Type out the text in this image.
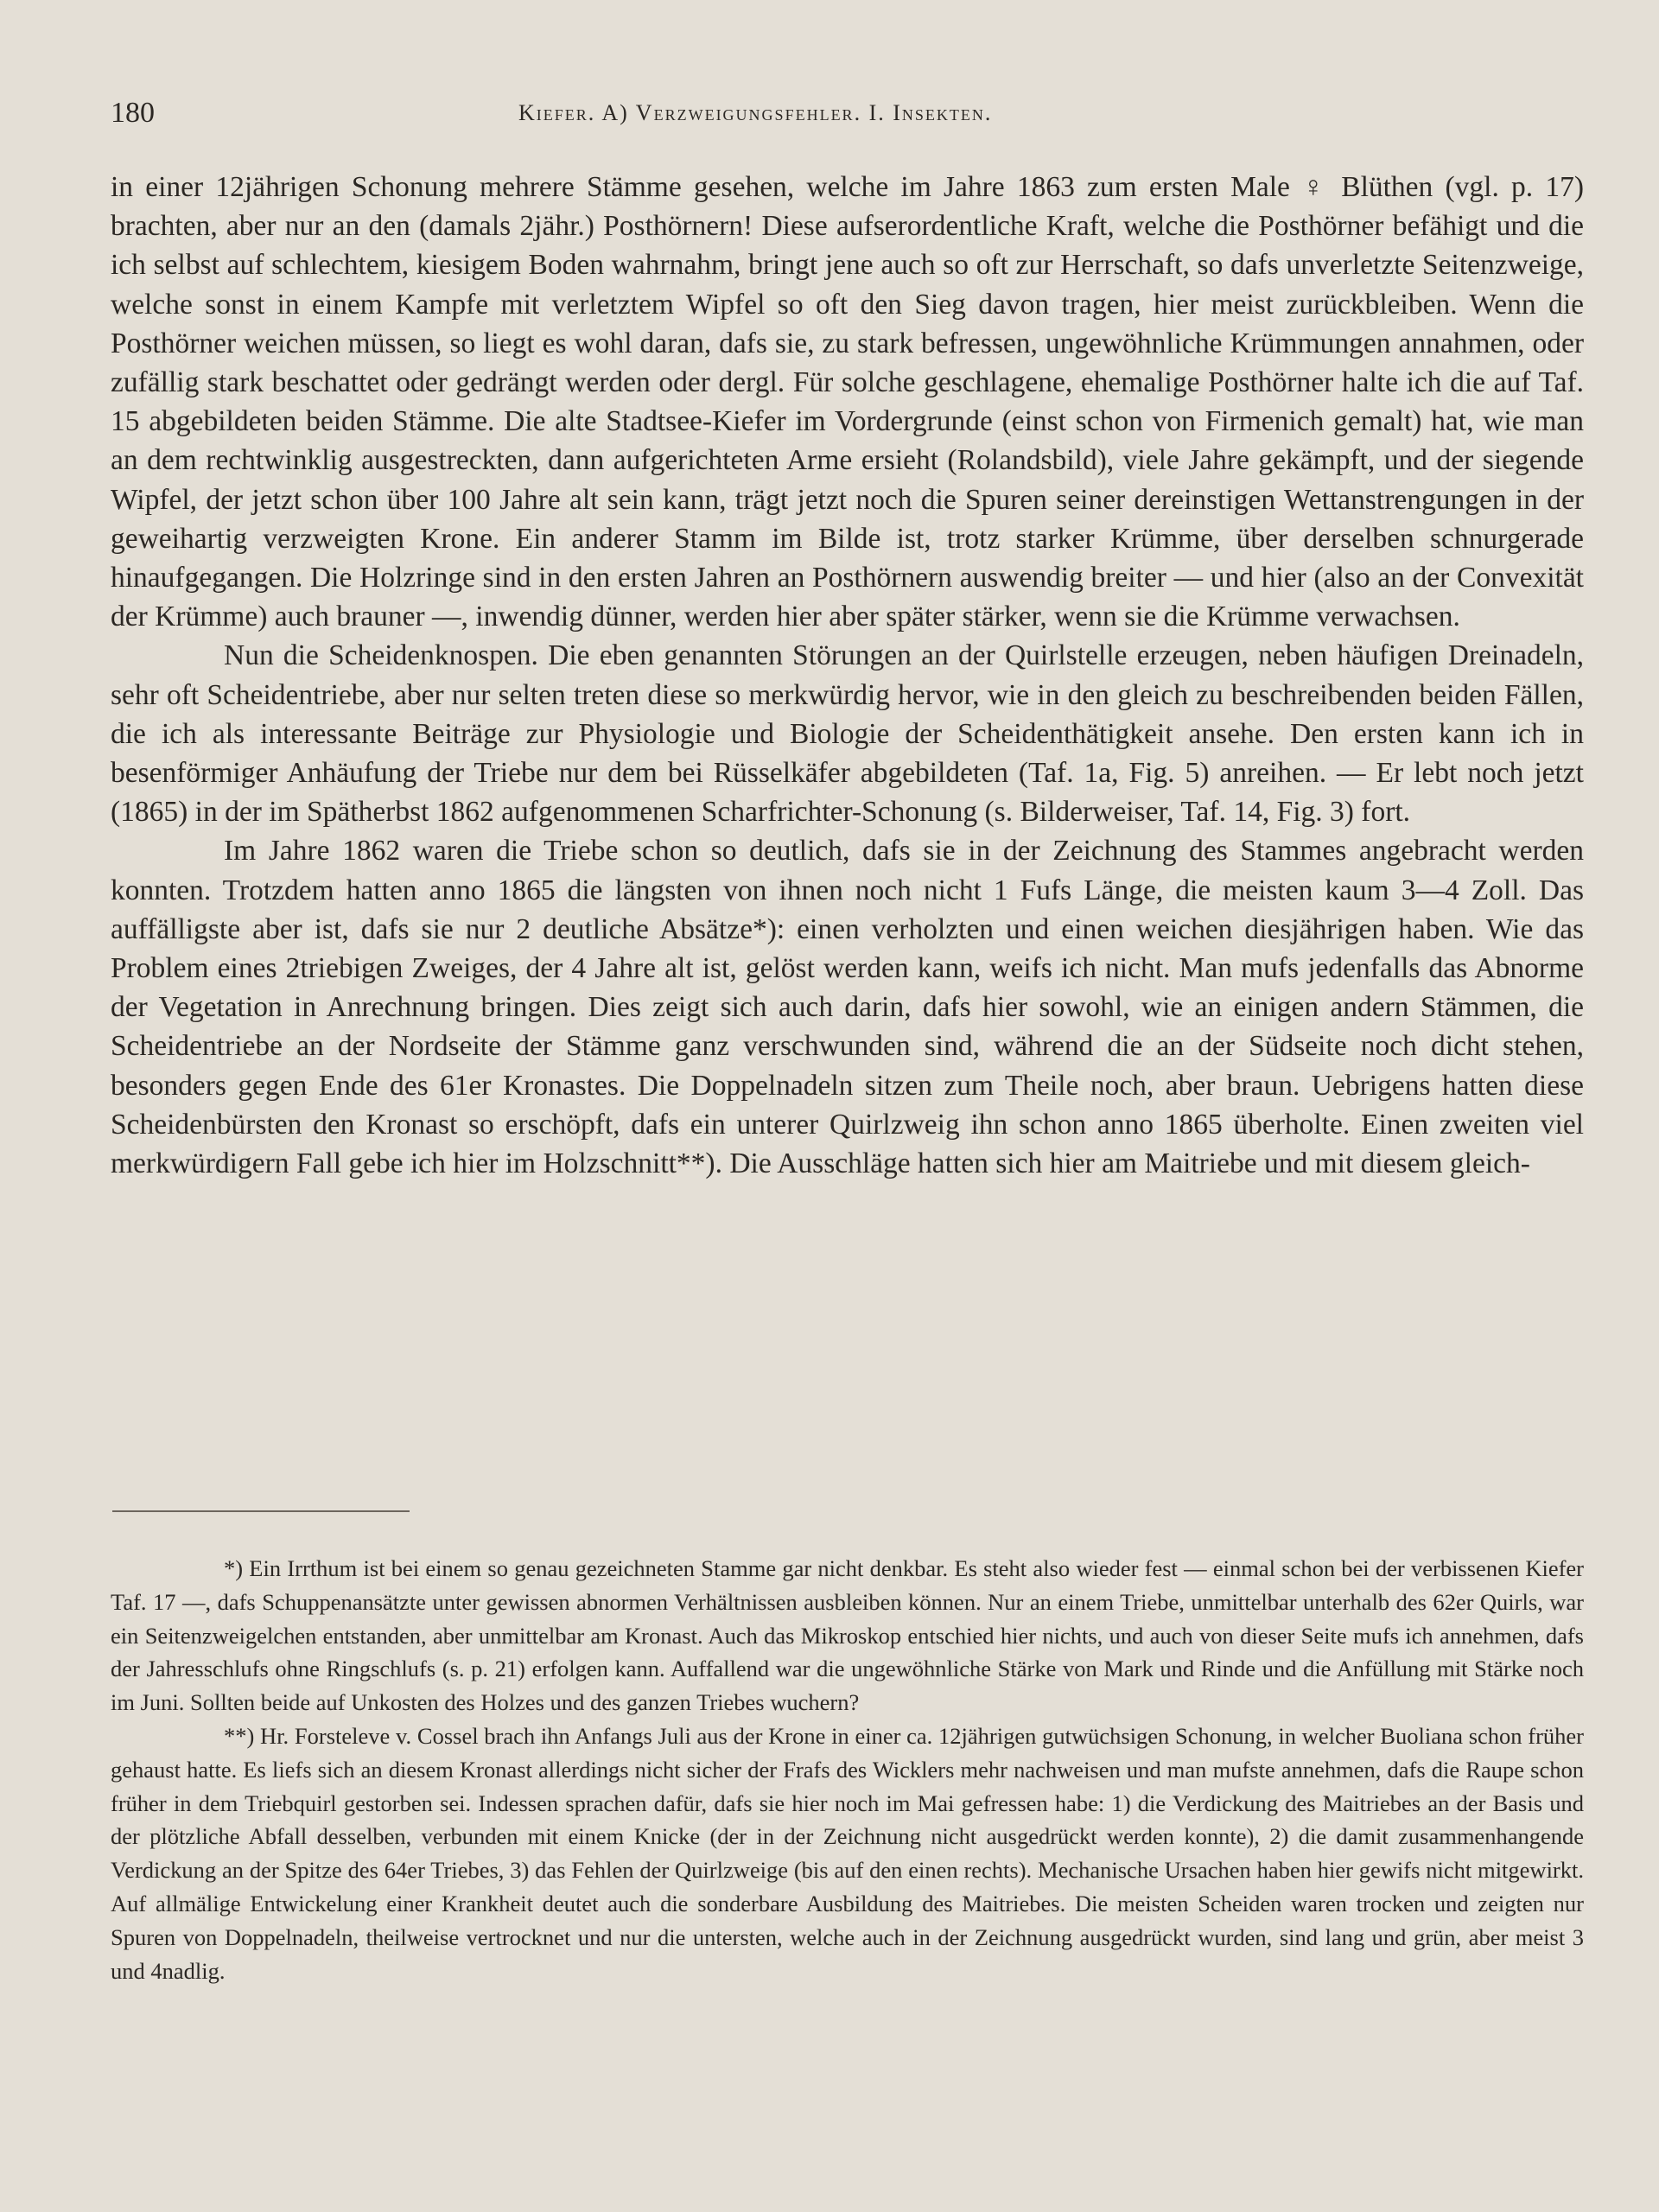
180	Kiefer. A) Verzweigungsfehler. I. Insekten.

in einer 12jährigen Schonung mehrere Stämme gesehen, welche im Jahre 1863 zum ersten Male ♀ Blüthen (vgl. p. 17) brachten, aber nur an den (damals 2jähr.) Posthörnern! Diese aufserordentliche Kraft, welche die Posthörner befähigt und die ich selbst auf schlechtem, kiesigem Boden wahrnahm, bringt jene auch so oft zur Herrschaft, so dafs unverletzte Seitenzweige, welche sonst in einem Kampfe mit verletztem Wipfel so oft den Sieg davon tragen, hier meist zurückbleiben. Wenn die Posthörner weichen müssen, so liegt es wohl daran, dafs sie, zu stark befressen, ungewöhnliche Krümmungen annahmen, oder zufällig stark beschattet oder gedrängt werden oder dergl. Für solche geschlagene, ehemalige Posthörner halte ich die auf Taf. 15 abgebildeten beiden Stämme. Die alte Stadtsee-Kiefer im Vordergrunde (einst schon von Firmenich gemalt) hat, wie man an dem rechtwinklig ausgestreckten, dann aufgerichteten Arme ersieht (Rolandsbild), viele Jahre gekämpft, und der siegende Wipfel, der jetzt schon über 100 Jahre alt sein kann, trägt jetzt noch die Spuren seiner dereinstigen Wettanstrengungen in der geweihartig verzweigten Krone. Ein anderer Stamm im Bilde ist, trotz starker Krümme, über derselben schnurgerade hinaufgegangen. Die Holzringe sind in den ersten Jahren an Posthörnern auswendig breiter — und hier (also an der Convexität der Krümme) auch brauner —, inwendig dünner, werden hier aber später stärker, wenn sie die Krümme verwachsen.

Nun die Scheidenknospen. Die eben genannten Störungen an der Quirlstelle erzeugen, neben häufigen Dreinadeln, sehr oft Scheidentriebe, aber nur selten treten diese so merkwürdig hervor, wie in den gleich zu beschreibenden beiden Fällen, die ich als interessante Beiträge zur Physiologie und Biologie der Scheidenthätigkeit ansehe. Den ersten kann ich in besenförmiger Anhäufung der Triebe nur dem bei Rüsselkäfer abgebildeten (Taf. 1a, Fig. 5) anreihen. — Er lebt noch jetzt (1865) in der im Spätherbst 1862 aufgenommenen Scharfrichter-Schonung (s. Bilderweiser, Taf. 14, Fig. 3) fort.

Im Jahre 1862 waren die Triebe schon so deutlich, dafs sie in der Zeichnung des Stammes angebracht werden konnten. Trotzdem hatten anno 1865 die längsten von ihnen noch nicht 1 Fufs Länge, die meisten kaum 3—4 Zoll. Das auffälligste aber ist, dafs sie nur 2 deutliche Absätze*): einen verholzten und einen weichen diesjährigen haben. Wie das Problem eines 2triebigen Zweiges, der 4 Jahre alt ist, gelöst werden kann, weifs ich nicht. Man mufs jedenfalls das Abnorme der Vegetation in Anrechnung bringen. Dies zeigt sich auch darin, dafs hier sowohl, wie an einigen andern Stämmen, die Scheidentriebe an der Nordseite der Stämme ganz verschwunden sind, während die an der Südseite noch dicht stehen, besonders gegen Ende des 61er Kronastes. Die Doppelnadeln sitzen zum Theile noch, aber braun. Uebrigens hatten diese Scheidenbürsten den Kronast so erschöpft, dafs ein unterer Quirlzweig ihn schon anno 1865 überholte. Einen zweiten viel merkwürdigern Fall gebe ich hier im Holzschnitt**). Die Ausschläge hatten sich hier am Maitriebe und mit diesem gleich-

*) Ein Irrthum ist bei einem so genau gezeichneten Stamme gar nicht denkbar. Es steht also wieder fest — einmal schon bei der verbissenen Kiefer Taf. 17 —, dafs Schuppenansätzte unter gewissen abnormen Verhältnissen ausbleiben können. Nur an einem Triebe, unmittelbar unterhalb des 62er Quirls, war ein Seitenzweigelchen entstanden, aber unmittelbar am Kronast. Auch das Mikroskop entschied hier nichts, und auch von dieser Seite mufs ich annehmen, dafs der Jahresschlufs ohne Ringschlufs (s. p. 21) erfolgen kann. Auffallend war die ungewöhnliche Stärke von Mark und Rinde und die Anfüllung mit Stärke noch im Juni. Sollten beide auf Unkosten des Holzes und des ganzen Triebes wuchern?

**) Hr. Forsteleve v. Cossel brach ihn Anfangs Juli aus der Krone in einer ca. 12jährigen gutwüchsigen Schonung, in welcher Buoliana schon früher gehaust hatte. Es liefs sich an diesem Kronast allerdings nicht sicher der Frafs des Wicklers mehr nachweisen und man mufste annehmen, dafs die Raupe schon früher in dem Triebquirl gestorben sei. Indessen sprachen dafür, dafs sie hier noch im Mai gefressen habe: 1) die Verdickung des Maitriebes an der Basis und der plötzliche Abfall desselben, verbunden mit einem Knicke (der in der Zeichnung nicht ausgedrückt werden konnte), 2) die damit zusammenhangende Verdickung an der Spitze des 64er Triebes, 3) das Fehlen der Quirlzweige (bis auf den einen rechts). Mechanische Ursachen haben hier gewifs nicht mitgewirkt. Auf allmälige Entwickelung einer Krankheit deutet auch die sonderbare Ausbildung des Maitriebes. Die meisten Scheiden waren trocken und zeigten nur Spuren von Doppelnadeln, theilweise vertrocknet und nur die untersten, welche auch in der Zeichnung ausgedrückt wurden, sind lang und grün, aber meist 3 und 4nadlig.
